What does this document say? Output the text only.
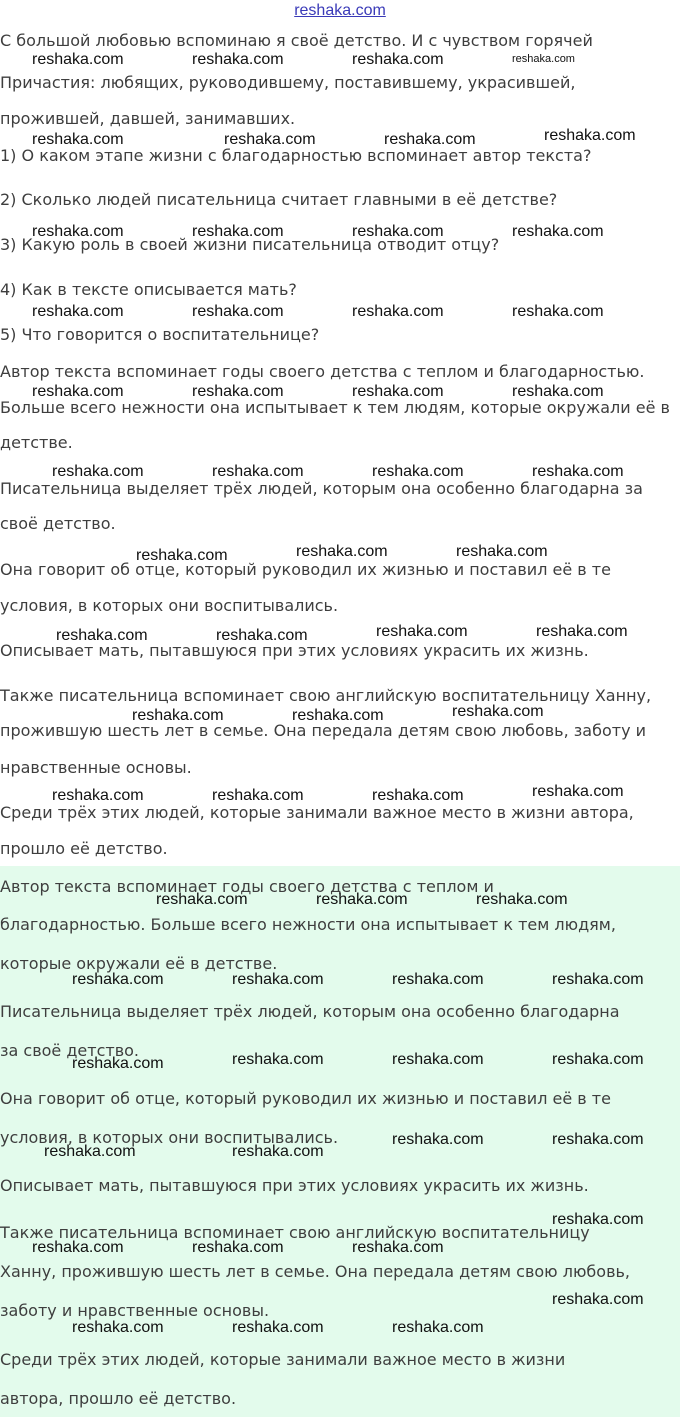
reshaka.com
С большой любовью вспоминаю я своё детство. И с чувством горячей
Причастия: любящих, руководившему, поставившему, украсившей,
прожившей, давшей, занимавших.
1) О каком этапе жизни с благодарностью вспоминает автор текста?
2) Сколько людей писательница считает главными в её детстве?
3) Какую роль в своей жизни писательница отводит отцу?
4) Как в тексте описывается мать?
5) Что говорится о воспитательнице?
Автор текста вспоминает годы своего детства с теплом и благодарностью.
Больше всего нежности она испытывает к тем людям, которые окружали её в
детстве.
Писательница выделяет трёх людей, которым она особенно благодарна за
своё детство.
Она говорит об отце, который руководил их жизнью и поставил её в те
условия, в которых они воспитывались.
Описывает мать, пытавшуюся при этих условиях украсить их жизнь.
Также писательница вспоминает свою английскую воспитательницу Ханну,
прожившую шесть лет в семье. Она передала детям свою любовь, заботу и
нравственные основы.
Среди трёх этих людей, которые занимали важное место в жизни автора,
прошло её детство.
Автор текста вспоминает годы своего детства с теплом и
благодарностью. Больше всего нежности она испытывает к тем людям,
которые окружали её в детстве.
Писательница выделяет трёх людей, которым она особенно благодарна
за своё детство.
Она говорит об отце, который руководил их жизнью и поставил её в те
условия, в которых они воспитывались.
Описывает мать, пытавшуюся при этих условиях украсить их жизнь.
Также писательница вспоминает свою английскую воспитательницу
Ханну, прожившую шесть лет в семье. Она передала детям свою любовь,
заботу и нравственные основы.
Среди трёх этих людей, которые занимали важное место в жизни
автора, прошло её детство.
reshaka.com	reshaka.com	reshaka.com	reshaka.com
reshaka.com	reshaka.com	reshaka.com	reshaka.com
reshaka.com	reshaka.com	reshaka.com	reshaka.com
reshaka.com	reshaka.com	reshaka.com	reshaka.com
reshaka.com	reshaka.com	reshaka.com	reshaka.com
reshaka.com	reshaka.com	reshaka.com	reshaka.com
reshaka.com	reshaka.com	reshaka.com
reshaka.com	reshaka.com	reshaka.com	reshaka.com
reshaka.com	reshaka.com	reshaka.com
reshaka.com	reshaka.com	reshaka.com	reshaka.com
reshaka.com	reshaka.com	reshaka.com
reshaka.com	reshaka.com	reshaka.com	reshaka.com
reshaka.com	reshaka.com	reshaka.com	reshaka.com
reshaka.com	reshaka.com
reshaka.com	reshaka.com
reshaka.com
reshaka.com	reshaka.com	reshaka.com
reshaka.com
reshaka.com	reshaka.com	reshaka.com
